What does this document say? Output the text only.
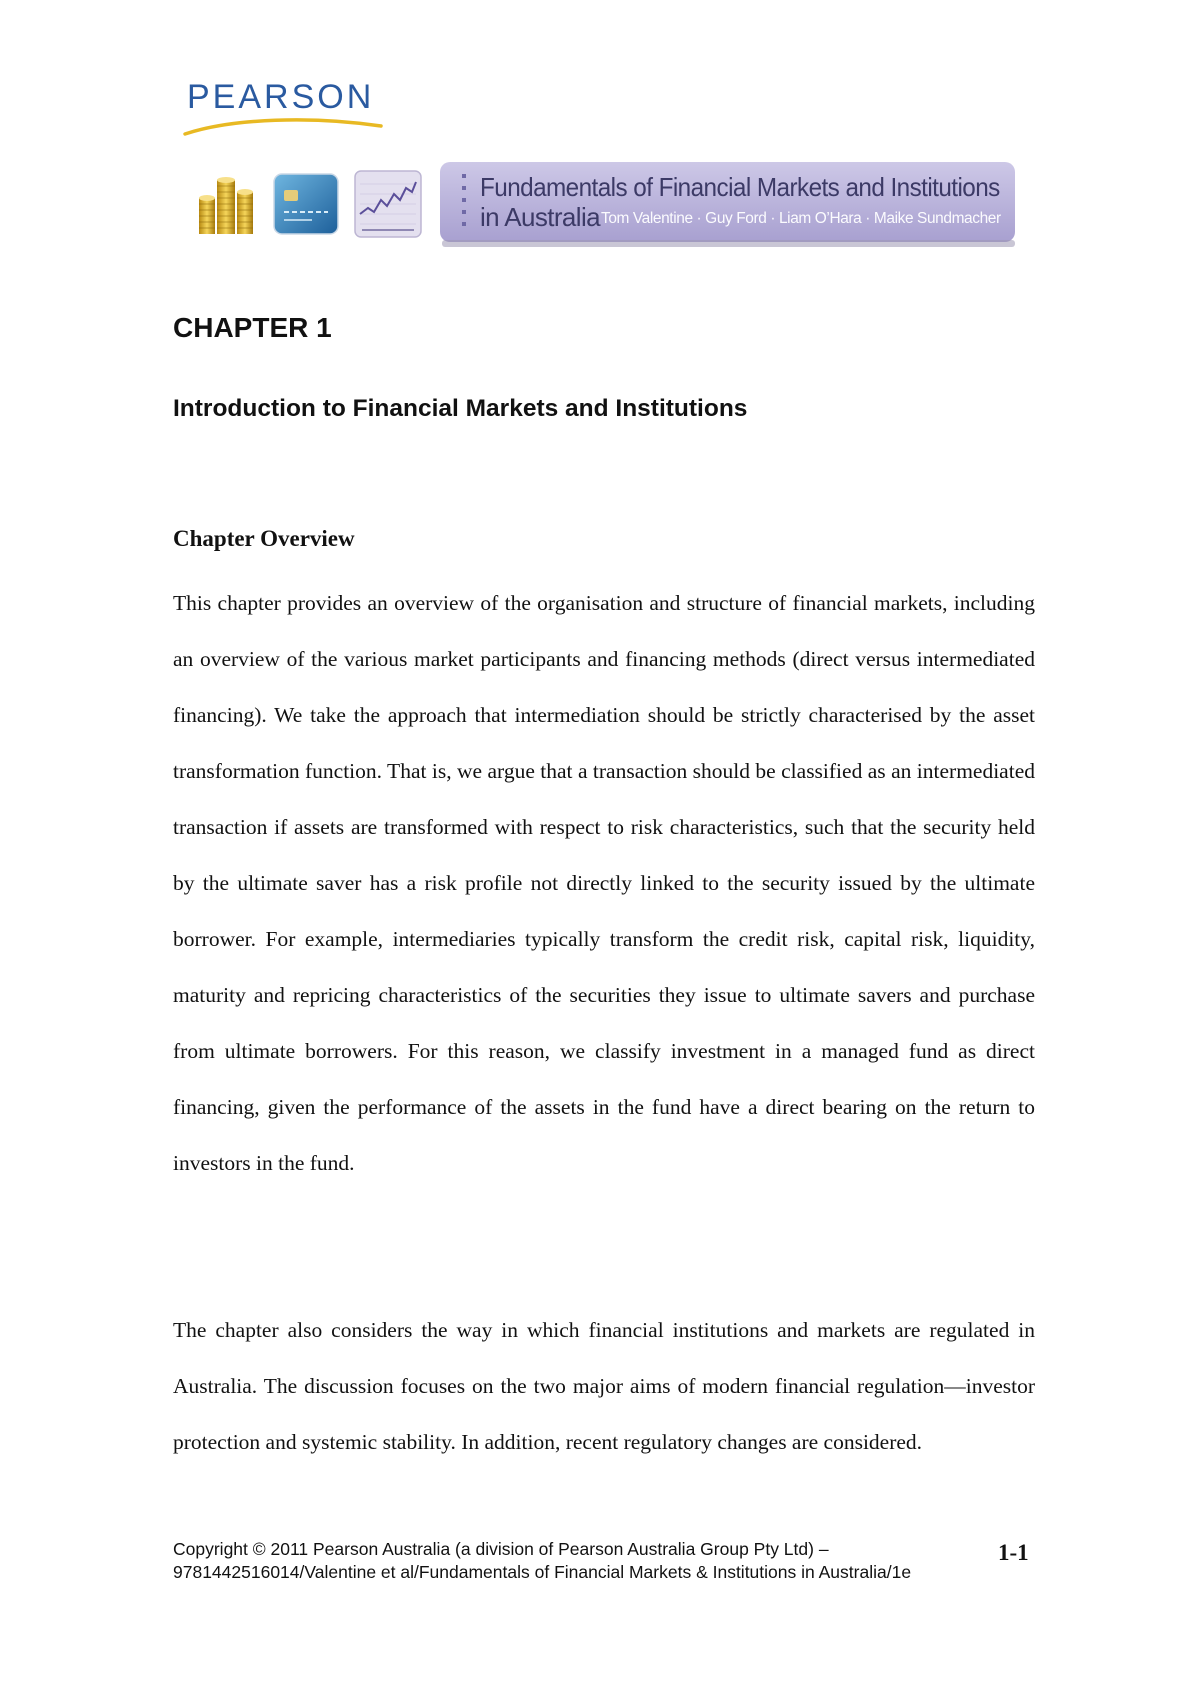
PEARSON
Fundamentals of Financial Markets and Institutions
in Australia Tom Valentine · Guy Ford · Liam O’Hara · Maike Sundmacher
CHAPTER 1
Introduction to Financial Markets and Institutions
Chapter Overview

This chapter provides an overview of the organisation and structure of financial markets, including an overview of the various market participants and financing methods (direct versus intermediated financing). We take the approach that intermediation should be strictly characterised by the asset transformation function. That is, we argue that a transaction should be classified as an intermediated transaction if assets are transformed with respect to risk characteristics, such that the security held by the ultimate saver has a risk profile not directly linked to the security issued by the ultimate borrower. For example, intermediaries typically transform the credit risk, capital risk, liquidity, maturity and repricing characteristics of the securities they issue to ultimate savers and purchase from ultimate borrowers. For this reason, we classify investment in a managed fund as direct financing, given the performance of the assets in the fund have a direct bearing on the return to investors in the fund.

The chapter also considers the way in which financial institutions and markets are regulated in Australia. The discussion focuses on the two major aims of modern financial regulation—investor protection and systemic stability. In addition, recent regulatory changes are considered.

Copyright © 2011 Pearson Australia (a division of Pearson Australia Group Pty Ltd) – 9781442516014/Valentine et al/Fundamentals of Financial Markets & Institutions in Australia/1e

1-1
